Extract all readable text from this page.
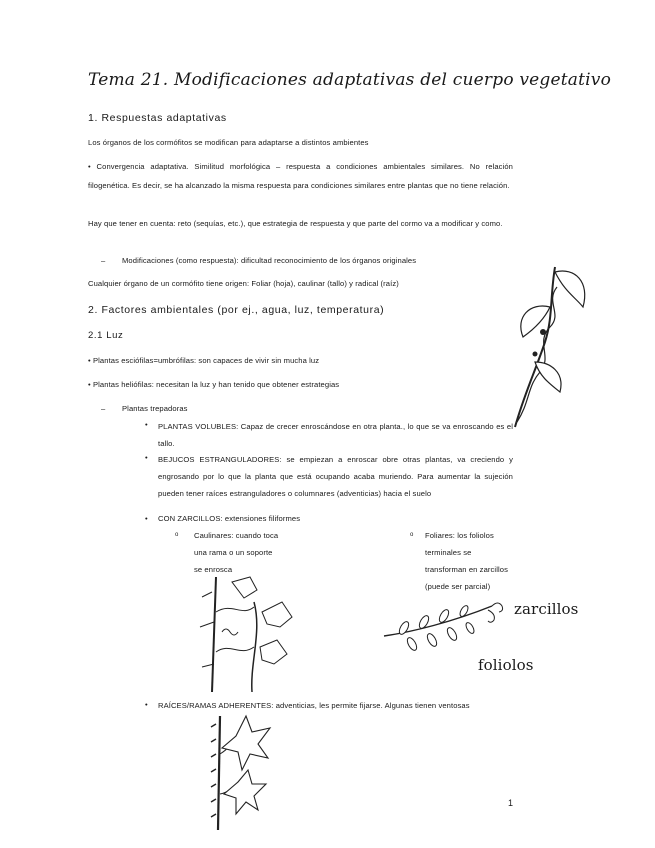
Tema 21. Modificaciones adaptativas del cuerpo vegetativo
1. Respuestas adaptativas
Los órganos de los cormófitos se modifican para adaptarse a distintos ambientes
• Convergencia adaptativa. Similitud morfológica – respuesta a condiciones ambientales similares. No relación filogenética. Es decir, se ha alcanzado la misma respuesta para condiciones similares entre plantas que no tiene relación.
Hay que tener en cuenta: reto (sequías, etc.), que estrategia de respuesta y que parte del cormo va a modificar y como.
– Modificaciones (como respuesta): dificultad reconocimiento de los órganos originales
Cualquier órgano de un cormófito tiene origen: Foliar (hoja), caulinar (tallo) y radical (raíz)
2. Factores ambientales (por ej., agua, luz, temperatura)
2.1 Luz
• Plantas esciófilas=umbrófilas: son capaces de vivir sin mucha luz
• Plantas heliófilas: necesitan la luz y han tenido que obtener estrategias
– Plantas trepadoras
• PLANTAS VOLUBLES: Capaz de crecer enroscándose en otra planta., lo que se va enroscando es el tallo.
• BEJUCOS ESTRANGULADORES: se empiezan a enroscar obre otras plantas, va creciendo y engrosando por lo que la planta que está ocupando acaba muriendo. Para aumentar la sujeción pueden tener raíces estranguladores o columnares (adventicias) hacia el suelo
• CON ZARCILLOS: extensiones filiformes
o Caulinares: cuando toca una rama o un soporte se enrosca
o Foliares: los foliolos terminales se transforman en zarcillos (puede ser parcial)
• RAÍCES/RAMAS ADHERENTES: adventicias, les permite fijarse. Algunas tienen ventosas
zarcillos
foliolos
1
